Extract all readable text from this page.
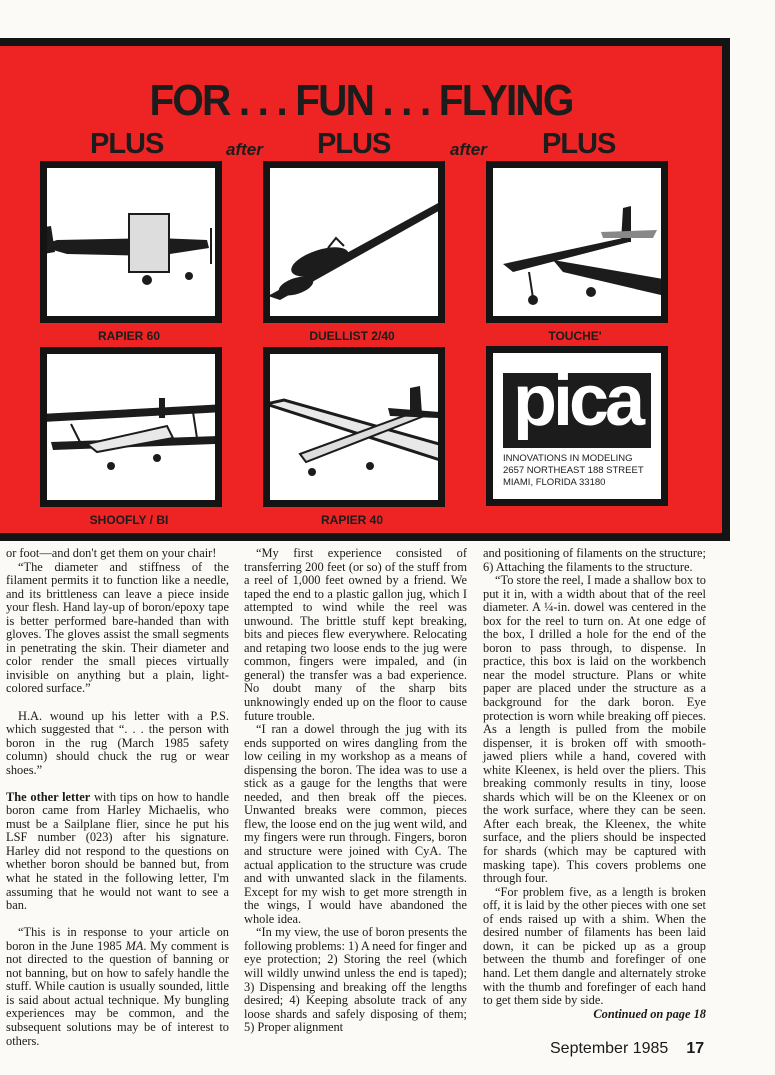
FOR . . . FUN . . . FLYING
PLUS	after PLUS	after PLUS
RAPIER 60	DUELLIST 2/40	TOUCHE'
SHOOFLY / BI	RAPIER 40
pica
INNOVATIONS IN MODELING
2657 NORTHEAST 188 STREET
MIAMI, FLORIDA 33180

or foot—and don't get them on your chair!

“The diameter and stiffness of the filament permits it to function like a needle, and its brittleness can leave a piece inside your flesh. Hand lay-up of boron/epoxy tape is better performed bare-handed than with gloves. The gloves assist the small segments in penetrating the skin. Their diameter and color render the small pieces virtually invisible on anything but a plain, light-colored surface.”

H.A. wound up his letter with a P.S. which suggested that “. . . the person with boron in the rug (March 1985 safety column) should chuck the rug or wear shoes.”

The other letter with tips on how to handle boron came from Harley Michaelis, who must be a Sailplane flier, since he put his LSF number (023) after his signature. Harley did not respond to the questions on whether boron should be banned but, from what he stated in the following letter, I'm assuming that he would not want to see a ban.

“This is in response to your article on boron in the June 1985 MA. My comment is not directed to the question of banning or not banning, but on how to safely handle the stuff. While caution is usually sounded, little is said about actual technique. My bungling experiences may be common, and the subsequent solutions may be of interest to others.

“My first experience consisted of transferring 200 feet (or so) of the stuff from a reel of 1,000 feet owned by a friend. We taped the end to a plastic gallon jug, which I attempted to wind while the reel was unwound. The brittle stuff kept breaking, bits and pieces flew everywhere. Relocating and retaping two loose ends to the jug were common, fingers were impaled, and (in general) the transfer was a bad experience. No doubt many of the sharp bits unknowingly ended up on the floor to cause future trouble.

“I ran a dowel through the jug with its ends supported on wires dangling from the low ceiling in my workshop as a means of dispensing the boron. The idea was to use a stick as a gauge for the lengths that were needed, and then break off the pieces. Unwanted breaks were common, pieces flew, the loose end on the jug went wild, and my fingers were run through. Fingers, boron and structure were joined with CyA. The actual application to the structure was crude and with unwanted slack in the filaments. Except for my wish to get more strength in the wings, I would have abandoned the whole idea.

“In my view, the use of boron presents the following problems: 1) A need for finger and eye protection; 2) Storing the reel (which will wildly unwind unless the end is taped); 3) Dispensing and breaking off the lengths desired; 4) Keeping absolute track of any loose shards and safely disposing of them; 5) Proper alignment

and positioning of filaments on the structure; 6) Attaching the filaments to the structure.

“To store the reel, I made a shallow box to put it in, with a width about that of the reel diameter. A ¼-in. dowel was centered in the box for the reel to turn on. At one edge of the box, I drilled a hole for the end of the boron to pass through, to dispense. In practice, this box is laid on the workbench near the model structure. Plans or white paper are placed under the structure as a background for the dark boron. Eye protection is worn while breaking off pieces. As a length is pulled from the mobile dispenser, it is broken off with smooth-jawed pliers while a hand, covered with white Kleenex, is held over the pliers. This breaking commonly results in tiny, loose shards which will be on the Kleenex or on the work surface, where they can be seen. After each break, the Kleenex, the white surface, and the pliers should be inspected for shards (which may be captured with masking tape). This covers problems one through four.

“For problem five, as a length is broken off, it is laid by the other pieces with one set of ends raised up with a shim. When the desired number of filaments has been laid down, it can be picked up as a group between the thumb and forefinger of one hand. Let them dangle and alternately stroke with the thumb and forefinger of each hand to get them side by side.

Continued on page 18
September 1985 17
